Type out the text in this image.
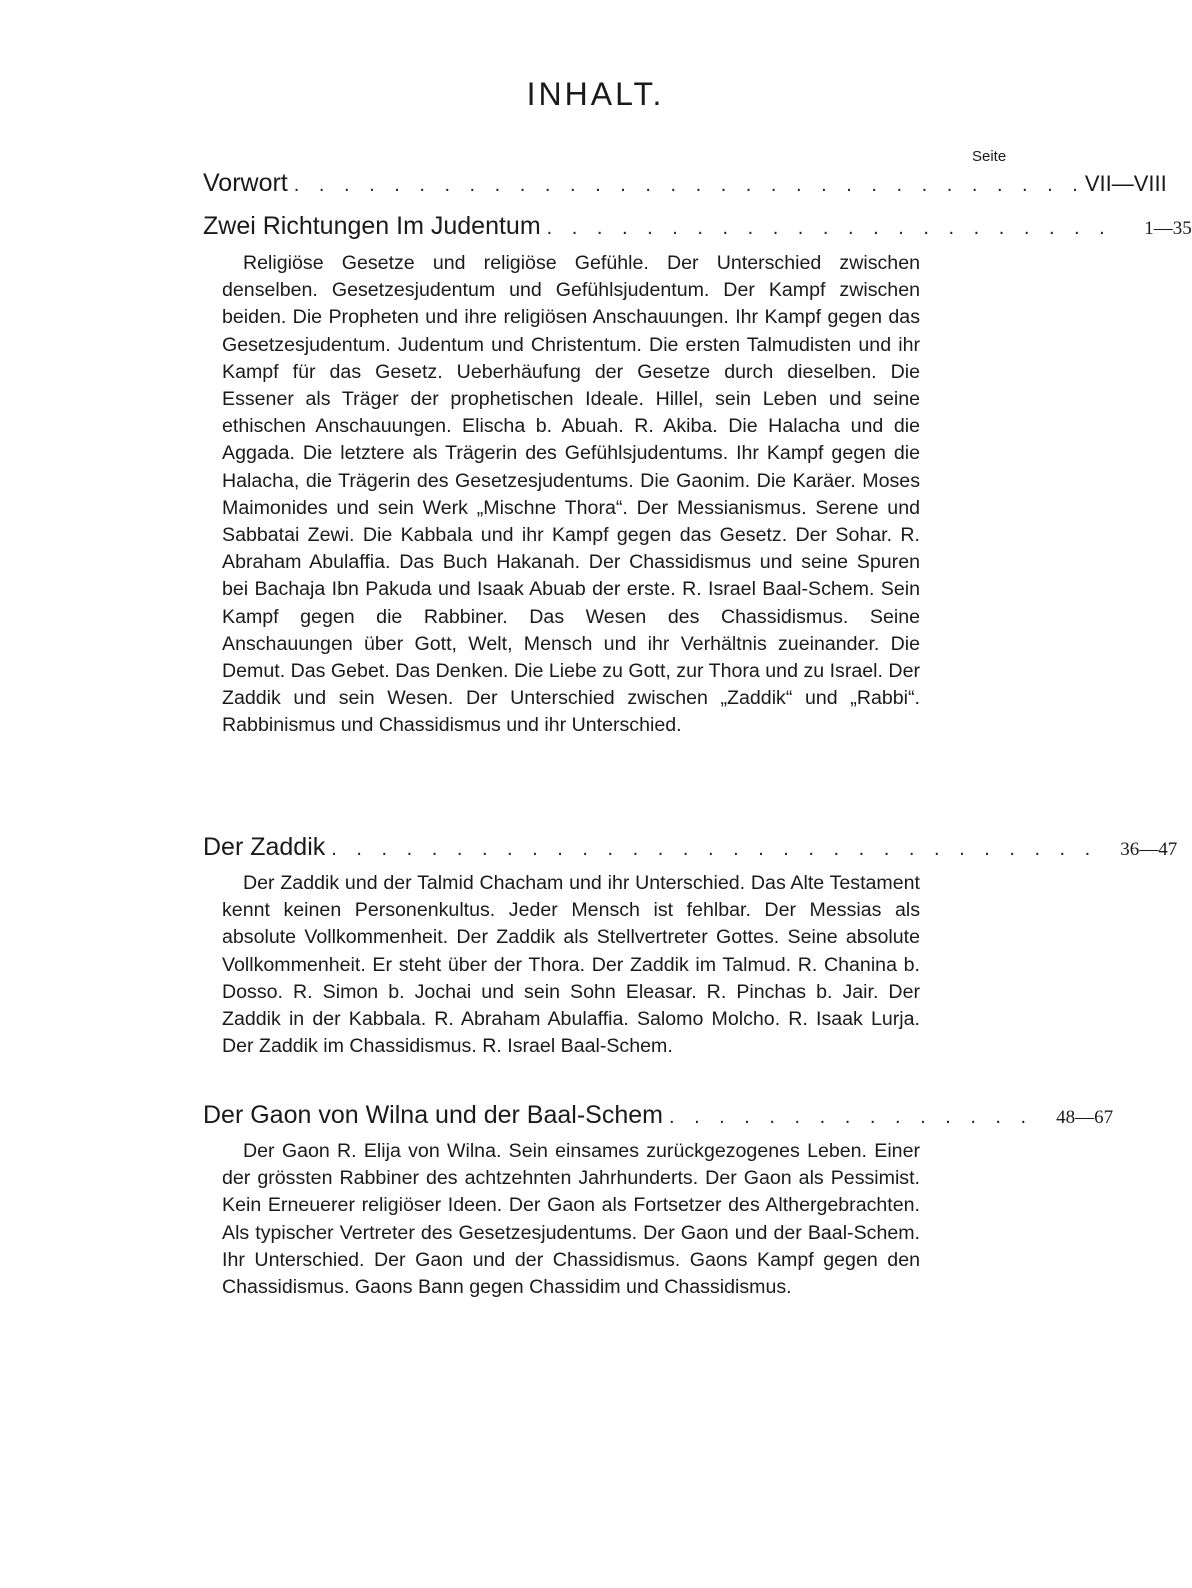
INHALT.
Seite
Vorwort . . . . . . . . . . . . . . . . . . . . . . . . . . . . . . . . VII—VIII
Zwei Richtungen Im Judentum . . . . . . . . . . . . . . . . . . . . . . .	1—35

Religiöse Gesetze und religiöse Gefühle. Der Unterschied zwischen denselben. Gesetzesjudentum und Gefühlsjudentum. Der Kampf zwischen beiden. Die Propheten und ihre religiösen Anschauungen. Ihr Kampf gegen das Gesetzesjudentum. Judentum und Christentum. Die ersten Talmudisten und ihr Kampf für das Gesetz. Ueberhäufung der Gesetze durch dieselben. Die Essener als Träger der prophetischen Ideale. Hillel, sein Leben und seine ethischen Anschauungen. Elischa b. Abuah. R. Akiba. Die Halacha und die Aggada. Die letztere als Trägerin des Gefühlsjudentums. Ihr Kampf gegen die Halacha, die Trägerin des Gesetzesjudentums. Die Gaonim. Die Karäer. Moses Maimonides und sein Werk „Mischne Thora“. Der Messianismus. Serene und Sabbatai Zewi. Die Kabbala und ihr Kampf gegen das Gesetz. Der Sohar. R. Abraham Abulaffia. Das Buch Hakanah. Der Chassidismus und seine Spuren bei Bachaja Ibn Pakuda und Isaak Abuab der erste. R. Israel Baal-Schem. Sein Kampf gegen die Rabbiner. Das Wesen des Chassidismus. Seine Anschauungen über Gott, Welt, Mensch und ihr Verhältnis zueinander. Die Demut. Das Gebet. Das Denken. Die Liebe zu Gott, zur Thora und zu Israel. Der Zaddik und sein Wesen. Der Unterschied zwischen „Zaddik“ und „Rabbi“. Rabbinismus und Chassidismus und ihr Unterschied.

Der Zaddik . . . . . . . . . . . . . . . . . . . . . . . . . . . . . . .	36—47

Der Zaddik und der Talmid Chacham und ihr Unterschied. Das Alte Testament kennt keinen Personenkultus. Jeder Mensch ist fehlbar. Der Messias als absolute Vollkommenheit. Der Zaddik als Stellvertreter Gottes. Seine absolute Vollkommenheit. Er steht über der Thora. Der Zaddik im Talmud. R. Chanina b. Dosso. R. Simon b. Jochai und sein Sohn Eleasar. R. Pinchas b. Jair. Der Zaddik in der Kabbala. R. Abraham Abulaffia. Salomo Molcho. R. Isaak Lurja. Der Zaddik im Chassidismus. R. Israel Baal-Schem.

Der Gaon von Wilna und der Baal-Schem . . . . . . . . . . . . . . .	48—67

Der Gaon R. Elija von Wilna. Sein einsames zurückgezogenes Leben. Einer der grössten Rabbiner des achtzehnten Jahrhunderts. Der Gaon als Pessimist. Kein Erneuerer religiöser Ideen. Der Gaon als Fortsetzer des Althergebrachten. Als typischer Vertreter des Gesetzesjudentums. Der Gaon und der Baal-Schem. Ihr Unterschied. Der Gaon und der Chassidismus. Gaons Kampf gegen den Chassidismus. Gaons Bann gegen Chassidim und Chassidismus.
